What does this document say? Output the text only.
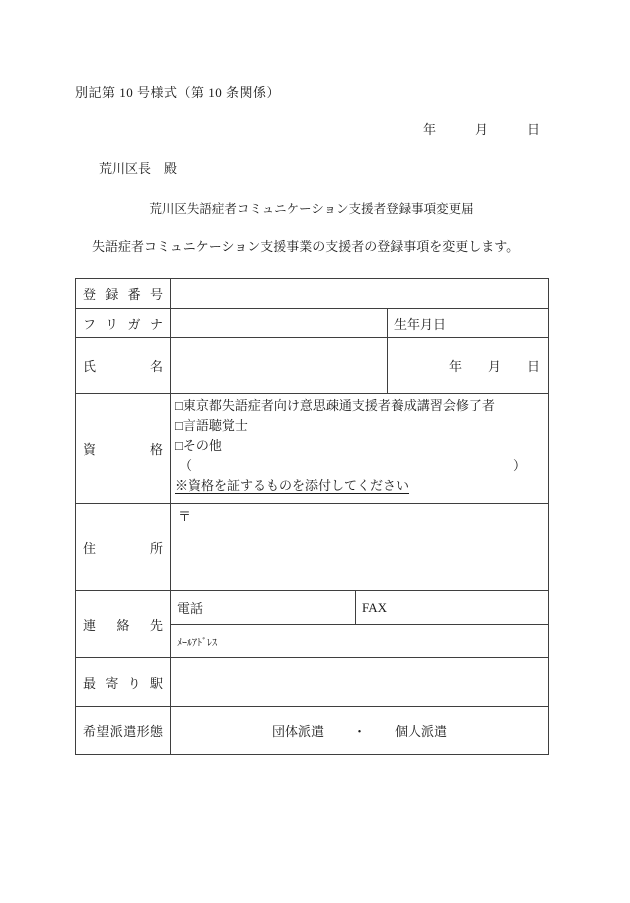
別記第 10 号様式（第 10 条関係）
年　　　月　　　日
荒川区長　殿
荒川区失語症者コミュニケーション支援者登録事項変更届
失語症者コミュニケーション支援事業の支援者の登録事項を変更します。
登録番号			
フリガナ			生年月日
氏名			年　　月　　日
資格	
□東京都失語症者向け意思疎通支援者養成講習会修了者
□言語聴覚士
□その他
（	）
※資格を証するものを添付してください

住所	〒		
連絡先	電話	FAX	
	ﾒｰﾙｱﾄﾞﾚｽ		
最寄り駅			
希望派遣形態	団体派遣 ・ 個人派遣		
